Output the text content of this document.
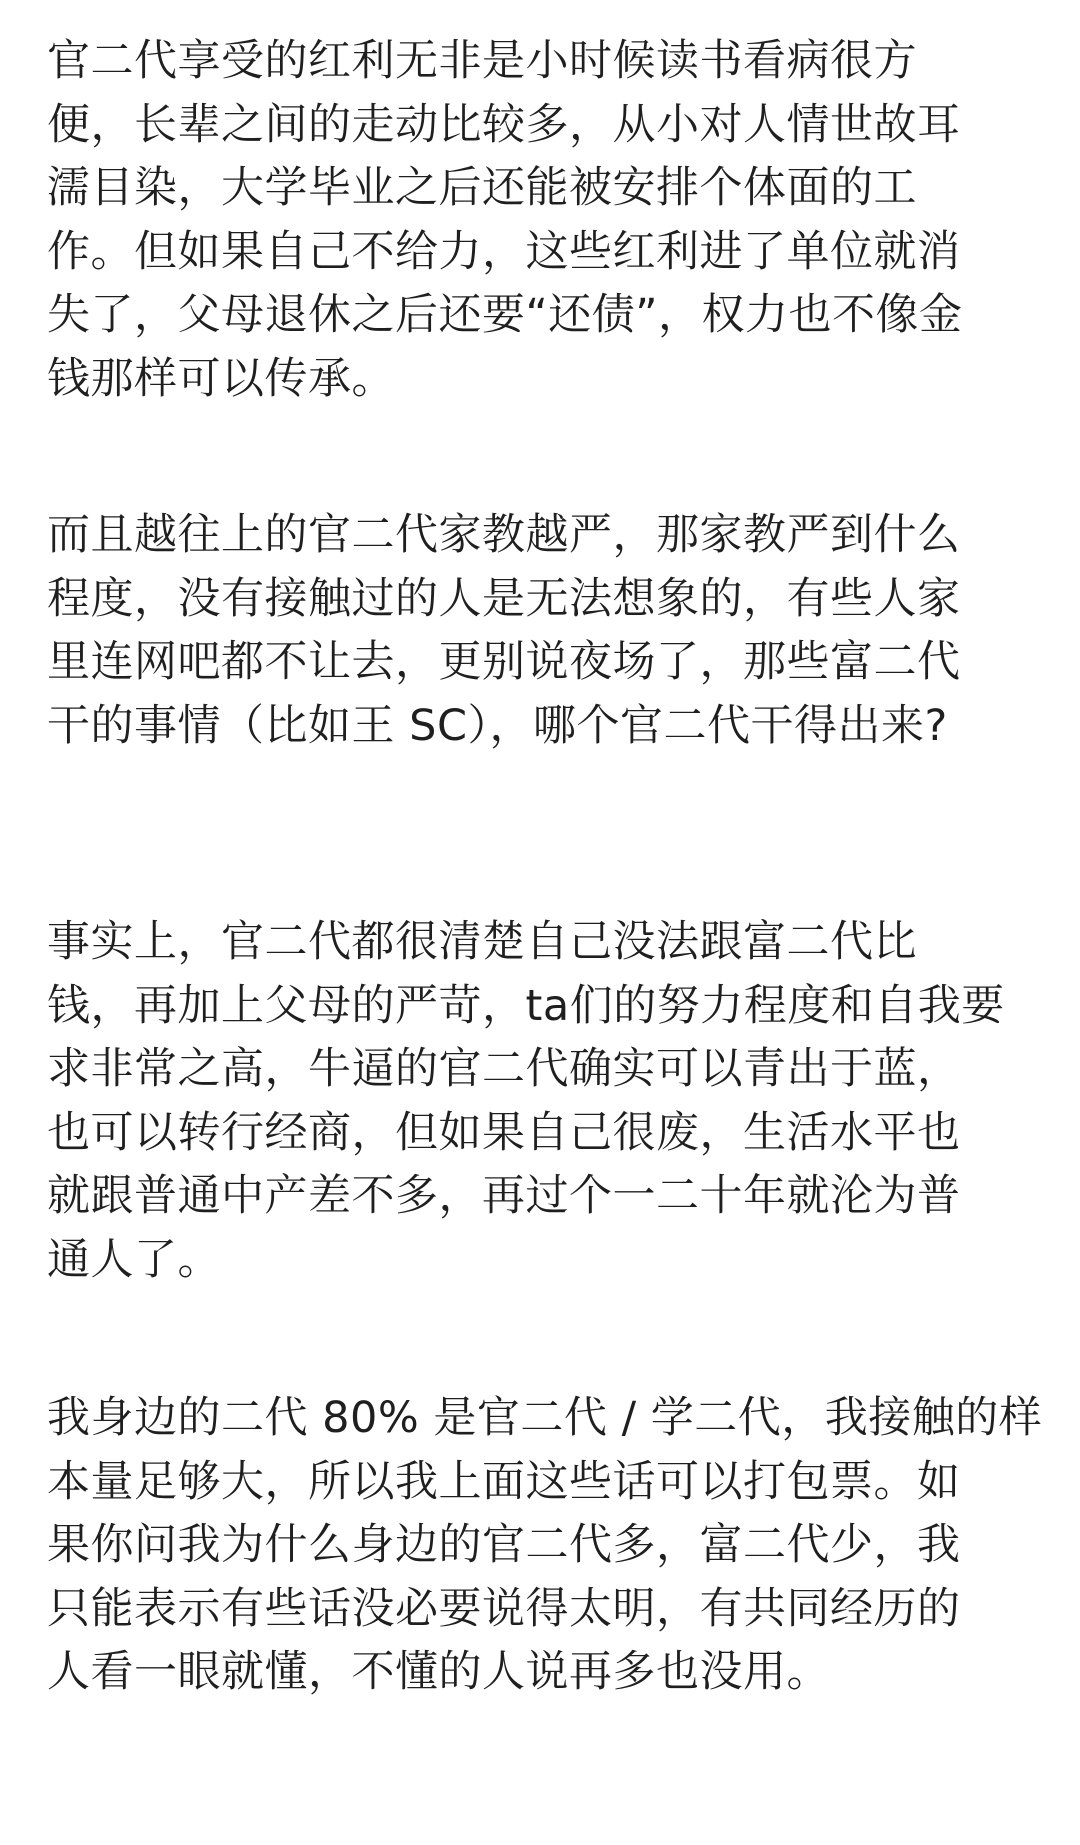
官二代享受的红利无非是小时候读书看病很方
便，长辈之间的走动比较多，从小对人情世故耳
濡目染，大学毕业之后还能被安排个体面的工
作。但如果自己不给力，这些红利进了单位就消
失了，父母退休之后还要“还债”，权力也不像金
钱那样可以传承。
而且越往上的官二代家教越严，那家教严到什么
程度，没有接触过的人是无法想象的，有些人家
里连网吧都不让去，更别说夜场了，那些富二代
干的事情（比如王 SC），哪个官二代干得出来?
事实上，官二代都很清楚自己没法跟富二代比
钱，再加上父母的严苛，ta们的努力程度和自我要
求非常之高，牛逼的官二代确实可以青出于蓝，
也可以转行经商，但如果自己很废，生活水平也
就跟普通中产差不多，再过个一二十年就沦为普
通人了。
我身边的二代 80% 是官二代 / 学二代，我接触的样
本量足够大，所以我上面这些话可以打包票。如
果你问我为什么身边的官二代多，富二代少，我
只能表示有些话没必要说得太明，有共同经历的
人看一眼就懂，不懂的人说再多也没用。
